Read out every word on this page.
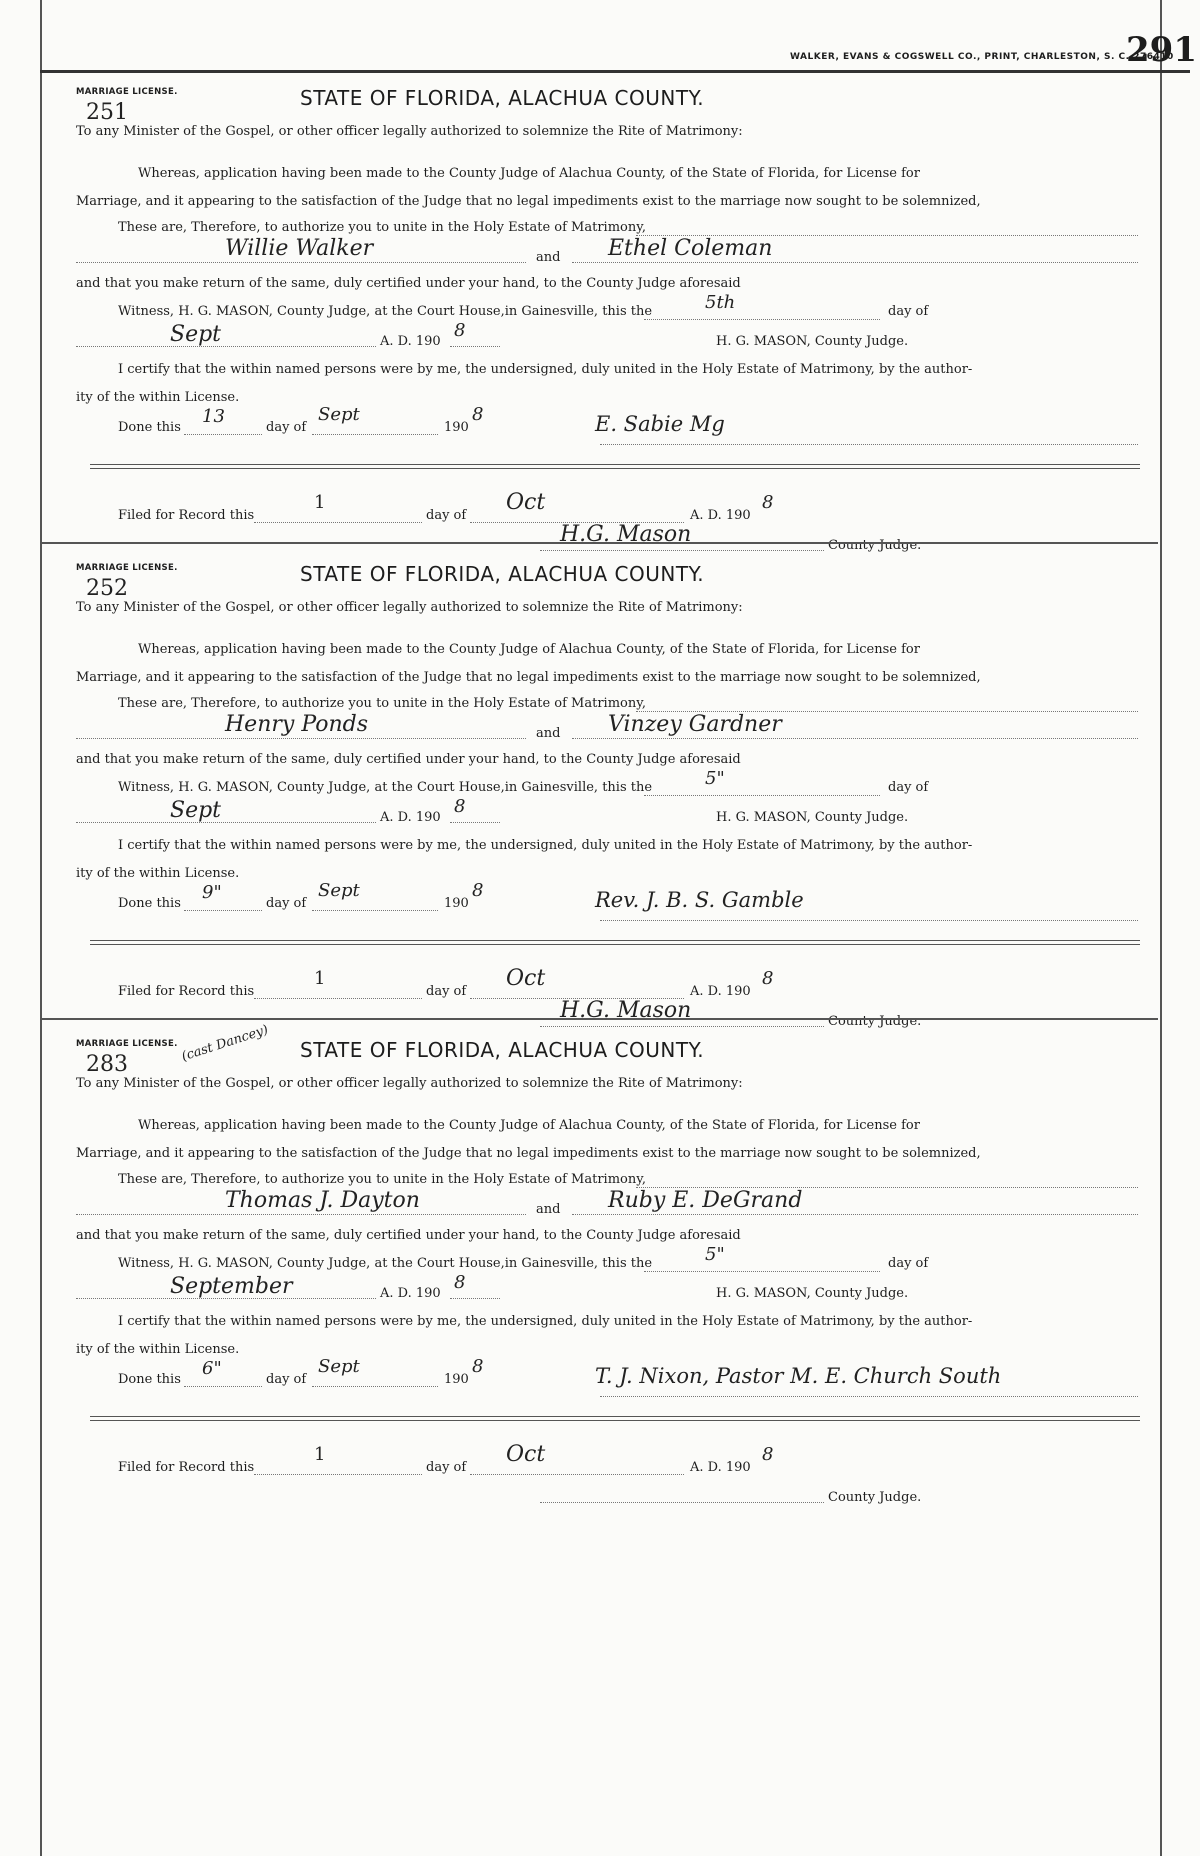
WALKER, EVANS & COGSWELL CO., PRINT, CHARLESTON, S. C. 276410
291
MARRIAGE LICENSE.
251
STATE OF FLORIDA, ALACHUA COUNTY.
To any Minister of the Gospel, or other officer legally authorized to solemnize the Rite of Matrimony:
Whereas, application having been made to the County Judge of Alachua County, of the State of Florida, for License for
Marriage, and it appearing to the satisfaction of the Judge that no legal impediments exist to the marriage now sought to be solemnized,
These are, Therefore, to authorize you to unite in the Holy Estate of Matrimony,
Willie Walker	and Ethel Coleman
and that you make return of the same, duly certified under your hand, to the County Judge aforesaid
Witness, H. G. MASON, County Judge, at the Court House,in Gainesville, this the	5th	day of
Sept	A. D. 190
8
H. G. MASON, County Judge.
I certify that the within named persons were by me, the undersigned, duly united in the Holy Estate of Matrimony, by the author-
ity of the within License.
Done this
13
day of
Sept
190
8	E. Sabie Mg
Filed for Record this
1
day of
Oct
A. D. 190
8
H.G. Mason	County Judge.
MARRIAGE LICENSE.
252
STATE OF FLORIDA, ALACHUA COUNTY.
To any Minister of the Gospel, or other officer legally authorized to solemnize the Rite of Matrimony:
Whereas, application having been made to the County Judge of Alachua County, of the State of Florida, for License for
Marriage, and it appearing to the satisfaction of the Judge that no legal impediments exist to the marriage now sought to be solemnized,
These are, Therefore, to authorize you to unite in the Holy Estate of Matrimony,
Henry Ponds	and Vinzey Gardner
and that you make return of the same, duly certified under your hand, to the County Judge aforesaid
Witness, H. G. MASON, County Judge, at the Court House,in Gainesville, this the	5"	day of
Sept	A. D. 190
8
H. G. MASON, County Judge.
I certify that the within named persons were by me, the undersigned, duly united in the Holy Estate of Matrimony, by the author-
ity of the within License.
Done this
9"
day of
Sept
190
8	Rev. J. B. S. Gamble
Filed for Record this
1
day of
Oct
A. D. 190
8
H.G. Mason	County Judge.
MARRIAGE LICENSE.
283	(cast Dancey) STATE OF FLORIDA, ALACHUA COUNTY.
To any Minister of the Gospel, or other officer legally authorized to solemnize the Rite of Matrimony:
Whereas, application having been made to the County Judge of Alachua County, of the State of Florida, for License for
Marriage, and it appearing to the satisfaction of the Judge that no legal impediments exist to the marriage now sought to be solemnized,
These are, Therefore, to authorize you to unite in the Holy Estate of Matrimony,
Thomas J. Dayton	and Ruby E. DeGrand
and that you make return of the same, duly certified under your hand, to the County Judge aforesaid
Witness, H. G. MASON, County Judge, at the Court House,in Gainesville, this the	5"	day of
September	A. D. 190
8
H. G. MASON, County Judge.
I certify that the within named persons were by me, the undersigned, duly united in the Holy Estate of Matrimony, by the author-
ity of the within License.
Done this
6"
day of
Sept
190
8	T. J. Nixon, Pastor M. E. Church South
Filed for Record this
1
day of
Oct
A. D. 190
8
County Judge.
